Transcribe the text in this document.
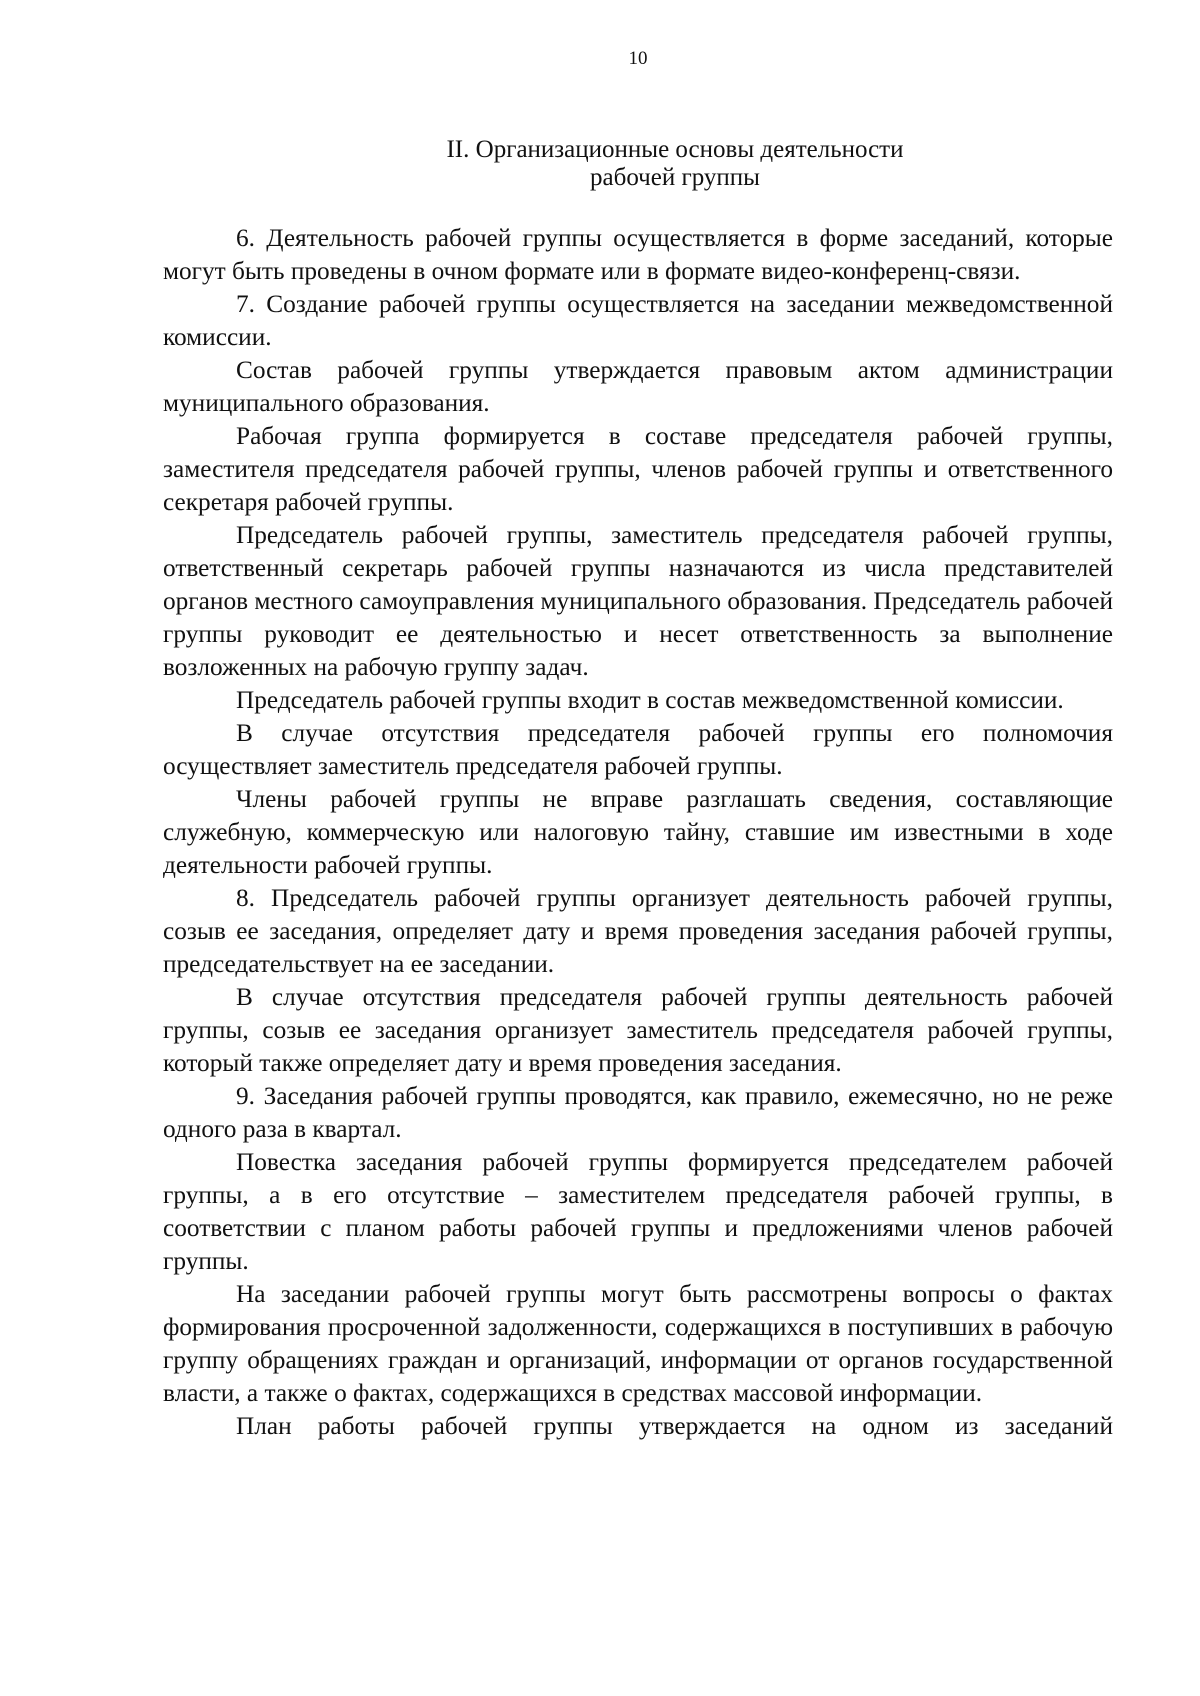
10
II. Организационные основы деятельности
рабочей группы

6. Деятельность рабочей группы осуществляется в форме заседаний, которые могут быть проведены в очном формате или в формате видео-конференц-связи.

7. Создание рабочей группы осуществляется на заседании межведомственной комиссии.

Состав рабочей группы утверждается правовым актом администрации муниципального образования.

Рабочая группа формируется в составе председателя рабочей группы, заместителя председателя рабочей группы, членов рабочей группы и ответственного секретаря рабочей группы.

Председатель рабочей группы, заместитель председателя рабочей группы, ответственный секретарь рабочей группы назначаются из числа представителей органов местного самоуправления муниципального образования. Председатель рабочей группы руководит ее деятельностью и несет ответственность за выполнение возложенных на рабочую группу задач.

Председатель рабочей группы входит в состав межведомственной комиссии.

В случае отсутствия председателя рабочей группы его полномочия осуществляет заместитель председателя рабочей группы.

Члены рабочей группы не вправе разглашать сведения, составляющие служебную, коммерческую или налоговую тайну, ставшие им известными в ходе деятельности рабочей группы.

8. Председатель рабочей группы организует деятельность рабочей группы, созыв ее заседания, определяет дату и время проведения заседания рабочей группы, председательствует на ее заседании.

В случае отсутствия председателя рабочей группы деятельность рабочей группы, созыв ее заседания организует заместитель председателя рабочей группы, который также определяет дату и время проведения заседания.

9. Заседания рабочей группы проводятся, как правило, ежемесячно, но не реже одного раза в квартал.

Повестка заседания рабочей группы формируется председателем рабочей группы, а в его отсутствие – заместителем председателя рабочей группы, в соответствии с планом работы рабочей группы и предложениями членов рабочей группы.

На заседании рабочей группы могут быть рассмотрены вопросы о фактах формирования просроченной задолженности, содержащихся в поступивших в рабочую группу обращениях граждан и организаций, информации от органов государственной власти, а также о фактах, содержащихся в средствах массовой информации.

План работы рабочей группы утверждается на одном из заседаний
